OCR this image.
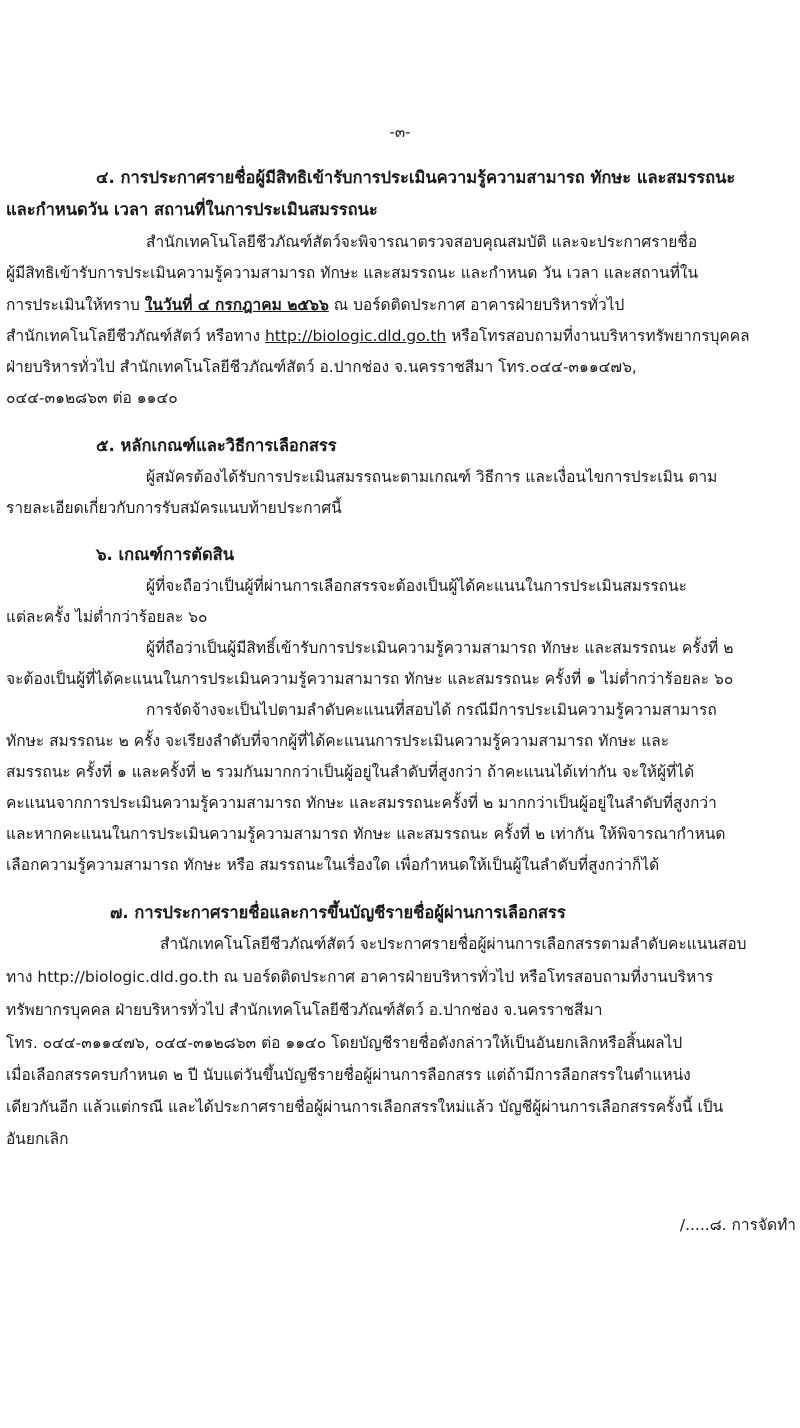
-๓-
๔. การประกาศรายชื่อผู้มีสิทธิเข้ารับการประเมินความรู้ความสามารถ ทักษะ และสมรรถนะ
และกำหนดวัน เวลา สถานที่ในการประเมินสมรรถนะ
สำนักเทคโนโลยีชีวภัณฑ์สัตว์จะพิจารณาตรวจสอบคุณสมบัติ และจะประกาศรายชื่อ
ผู้มีสิทธิเข้ารับการประเมินความรู้ความสามารถ ทักษะ และสมรรถนะ และกำหนด วัน เวลา และสถานที่ใน
การประเมินให้ทราบ ในวันที่ ๔ กรกฎาคม ๒๕๖๖ ณ บอร์ดติดประกาศ อาคารฝ่ายบริหารทั่วไป
สำนักเทคโนโลยีชีวภัณฑ์สัตว์ หรือทาง http://biologic.dld.go.th หรือโทรสอบถามที่งานบริหารทรัพยากรบุคคล
ฝ่ายบริหารทั่วไป สำนักเทคโนโลยีชีวภัณฑ์สัตว์ อ.ปากช่อง จ.นครราชสีมา โทร.๐๔๔-๓๑๑๔๗๖,
๐๔๔-๓๑๒๘๖๓ ต่อ ๑๑๔๐
๕. หลักเกณฑ์และวิธีการเลือกสรร
ผู้สมัครต้องได้รับการประเมินสมรรถนะตามเกณฑ์ วิธีการ และเงื่อนไขการประเมิน ตาม
รายละเอียดเกี่ยวกับการรับสมัครแนบท้ายประกาศนี้
๖. เกณฑ์การตัดสิน
ผู้ที่จะถือว่าเป็นผู้ที่ผ่านการเลือกสรรจะต้องเป็นผู้ได้คะแนนในการประเมินสมรรถนะ
แต่ละครั้ง ไม่ต่ำกว่าร้อยละ ๖๐
ผู้ที่ถือว่าเป็นผู้มีสิทธิ์เข้ารับการประเมินความรู้ความสามารถ ทักษะ และสมรรถนะ ครั้งที่ ๒
จะต้องเป็นผู้ที่ได้คะแนนในการประเมินความรู้ความสามารถ ทักษะ และสมรรถนะ ครั้งที่ ๑ ไม่ต่ำกว่าร้อยละ ๖๐
การจัดจ้างจะเป็นไปตามลำดับคะแนนที่สอบได้ กรณีมีการประเมินความรู้ความสามารถ
ทักษะ สมรรถนะ ๒ ครั้ง จะเรียงลำดับที่จากผู้ที่ได้คะแนนการประเมินความรู้ความสามารถ ทักษะ และ
สมรรถนะ ครั้งที่ ๑ และครั้งที่ ๒ รวมกันมากกว่าเป็นผู้อยู่ในลำดับที่สูงกว่า ถ้าคะแนนได้เท่ากัน จะให้ผู้ที่ได้
คะแนนจากการประเมินความรู้ความสามารถ ทักษะ และสมรรถนะครั้งที่ ๒ มากกว่าเป็นผู้อยู่ในลำดับที่สูงกว่า
และหากคะแนนในการประเมินความรู้ความสามารถ ทักษะ และสมรรถนะ ครั้งที่ ๒ เท่ากัน ให้พิจารณากำหนด
เลือกความรู้ความสามารถ ทักษะ หรือ สมรรถนะในเรื่องใด เพื่อกำหนดให้เป็นผู้ในลำดับที่สูงกว่าก็ได้
๗. การประกาศรายชื่อและการขึ้นบัญชีรายชื่อผู้ผ่านการเลือกสรร
สำนักเทคโนโลยีชีวภัณฑ์สัตว์ จะประกาศรายชื่อผู้ผ่านการเลือกสรรตามลำดับคะแนนสอบ
ทาง http://biologic.dld.go.th ณ บอร์ดติดประกาศ อาคารฝ่ายบริหารทั่วไป หรือโทรสอบถามที่งานบริหาร
ทรัพยากรบุคคล ฝ่ายบริหารทั่วไป สำนักเทคโนโลยีชีวภัณฑ์สัตว์ อ.ปากช่อง จ.นครราชสีมา
โทร. ๐๔๔-๓๑๑๔๗๖, ๐๔๔-๓๑๒๘๖๓ ต่อ ๑๑๔๐ โดยบัญชีรายชื่อดังกล่าวให้เป็นอันยกเลิกหรือสิ้นผลไป
เมื่อเลือกสรรครบกำหนด ๒ ปี นับแต่วันขึ้นบัญชีรายชื่อผู้ผ่านการลือกสรร แต่ถ้ามีการลือกสรรในตำแหน่ง
เดียวกันอีก แล้วแต่กรณี และได้ประกาศรายชื่อผู้ผ่านการเลือกสรรใหม่แล้ว บัญชีผู้ผ่านการเลือกสรรครั้งนี้ เป็น
อันยกเลิก
/.....๘. การจัดทำ
